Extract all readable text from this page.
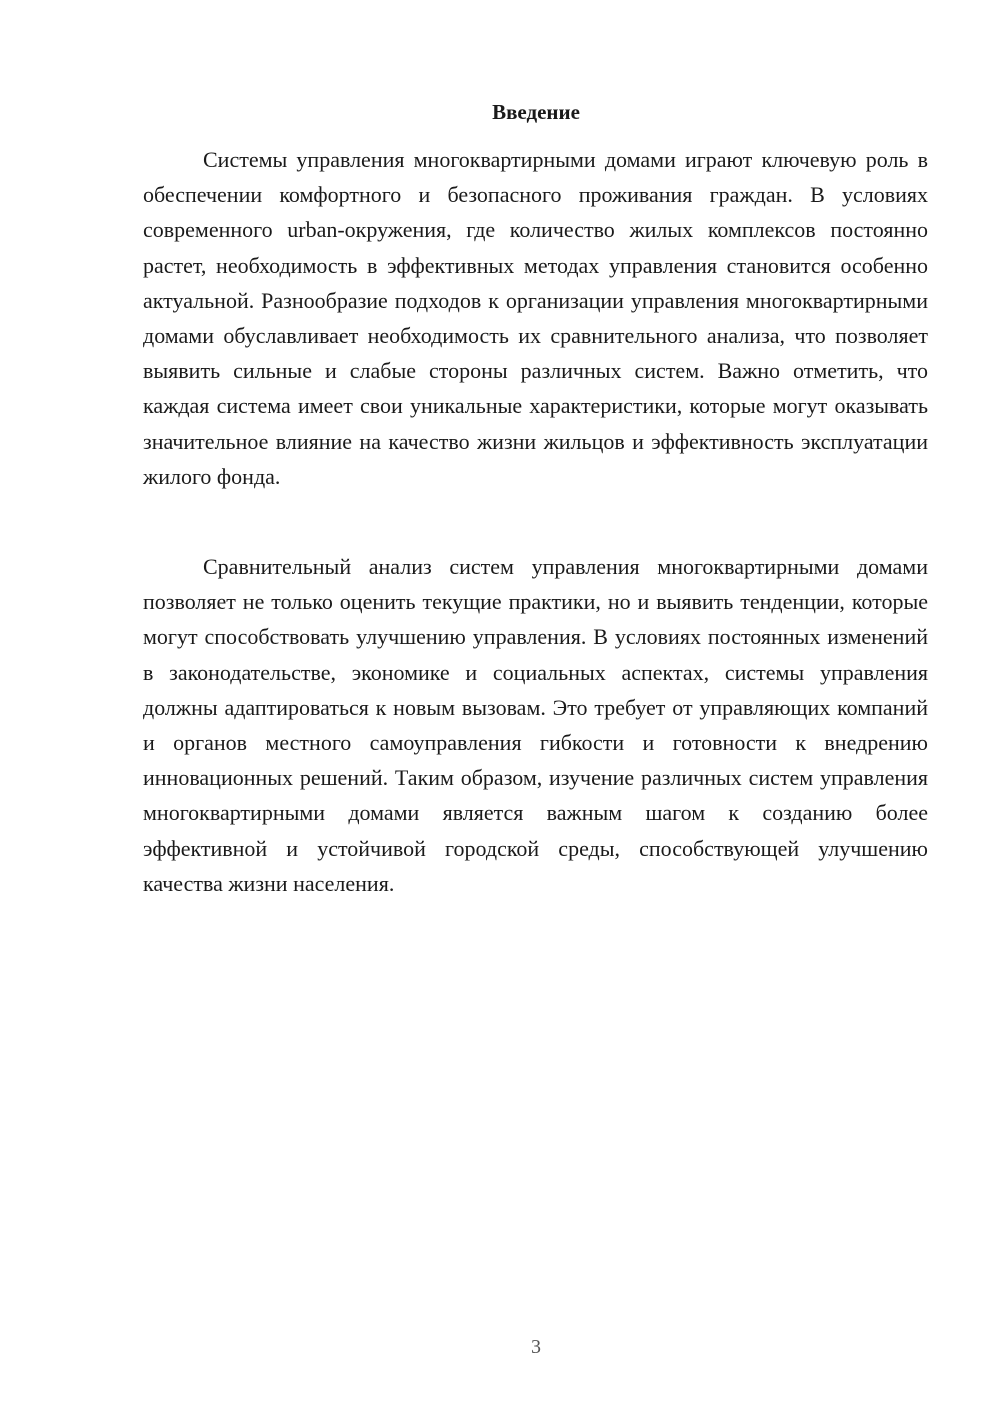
Введение

Системы управления многоквартирными домами играют ключевую роль в обеспечении комфортного и безопасного проживания граждан. В условиях современного urban-окружения, где количество жилых комплексов постоянно растет, необходимость в эффективных методах управления становится особенно актуальной. Разнообразие подходов к организации управления многоквартирными домами обуславливает необходимость их сравнительного анализа, что позволяет выявить сильные и слабые стороны различных систем. Важно отметить, что каждая система имеет свои уникальные характеристики, которые могут оказывать значительное влияние на качество жизни жильцов и эффективность эксплуатации жилого фонда.

Сравнительный анализ систем управления многоквартирными домами позволяет не только оценить текущие практики, но и выявить тенденции, которые могут способствовать улучшению управления. В условиях постоянных изменений в законодательстве, экономике и социальных аспектах, системы управления должны адаптироваться к новым вызовам. Это требует от управляющих компаний и органов местного самоуправления гибкости и готовности к внедрению инновационных решений. Таким образом, изучение различных систем управления многоквартирными домами является важным шагом к созданию более эффективной и устойчивой городской среды, способствующей улучшению качества жизни населения.

3
